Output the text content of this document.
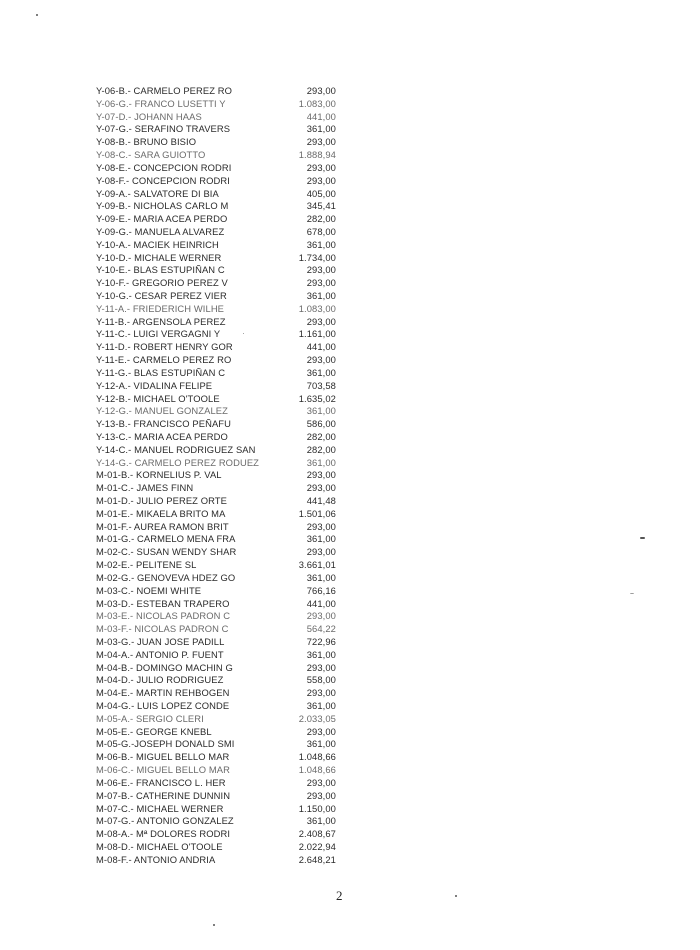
Y-06-B.- CARMELO PEREZ RO	293,00
Y-06-G.- FRANCO LUSETTI Y	1.083,00
Y-07-D.- JOHANN HAAS	441,00
Y-07-G.- SERAFINO TRAVERS	361,00
Y-08-B.- BRUNO BISIO	293,00
Y-08-C.- SARA GUIOTTO	1.888,94
Y-08-E.- CONCEPCION RODRI	293,00
Y-08-F.- CONCEPCION RODRI	293,00
Y-09-A.- SALVATORE DI BIA	405,00
Y-09-B.- NICHOLAS CARLO M	345,41
Y-09-E.- MARIA ACEA PERDO	282,00
Y-09-G.- MANUELA ALVAREZ	678,00
Y-10-A.- MACIEK HEINRICH	361,00
Y-10-D.- MICHALE WERNER	1.734,00
Y-10-E.- BLAS ESTUPIÑAN C	293,00
Y-10-F.- GREGORIO PEREZ V	293,00
Y-10-G.- CESAR PEREZ VIER	361,00
Y-11-A.- FRIEDERICH WILHE	1.083,00
Y-11-B.- ARGENSOLA PEREZ	293,00
Y-11-C.- LUIGI VERGAGNI Y	1.161,00
Y-11-D.- ROBERT HENRY GOR	441,00
Y-11-E.- CARMELO PEREZ RO	293,00
Y-11-G.- BLAS ESTUPIÑAN C	361,00
Y-12-A.- VIDALINA FELIPE	703,58
Y-12-B.- MICHAEL O'TOOLE	1.635,02
Y-12-G.- MANUEL GONZALEZ	361,00
Y-13-B.- FRANCISCO PEÑAFU	586,00
Y-13-C.- MARIA ACEA PERDO	282,00
Y-14-C.- MANUEL RODRIGUEZ SAN	282,00
Y-14-G.- CARMELO PEREZ RODUEZ	361,00
M-01-B.- KORNELIUS P. VAL	293,00
M-01-C.- JAMES FINN	293,00
M-01-D.- JULIO PEREZ ORTE	441,48
M-01-E.- MIKAELA BRITO MA	1.501,06
M-01-F.- AUREA RAMON BRIT	293,00
M-01-G.- CARMELO MENA FRA	361,00
M-02-C.- SUSAN WENDY SHAR	293,00
M-02-E.- PELITENE SL	3.661,01
M-02-G.- GENOVEVA HDEZ GO	361,00
M-03-C.- NOEMI WHITE	766,16
M-03-D.- ESTEBAN TRAPERO	441,00
M-03-E.- NICOLAS PADRON C	293,00
M-03-F.- NICOLAS PADRON C	564,22
M-03-G.- JUAN JOSE PADILL	722,96
M-04-A.- ANTONIO P. FUENT	361,00
M-04-B.- DOMINGO MACHIN G	293,00
M-04-D.- JULIO RODRIGUEZ	558,00
M-04-E.- MARTIN REHBOGEN	293,00
M-04-G.- LUIS LOPEZ CONDE	361,00
M-05-A.- SERGIO CLERI	2.033,05
M-05-E.- GEORGE KNEBL	293,00
M-05-G.-JOSEPH DONALD SMI	361,00
M-06-B.- MIGUEL BELLO MAR	1.048,66
M-06-C.- MIGUEL BELLO MAR	1.048,66
M-06-E.- FRANCISCO L. HER	293,00
M-07-B.- CATHERINE DUNNIN	293,00
M-07-C.- MICHAEL WERNER	1.150,00
M-07-G.- ANTONIO GONZALEZ	361,00
M-08-A.- Mª DOLORES RODRI	2.408,67
M-08-D.- MICHAEL O'TOOLE	2.022,94
M-08-F.- ANTONIO ANDRIA	2.648,21
2
